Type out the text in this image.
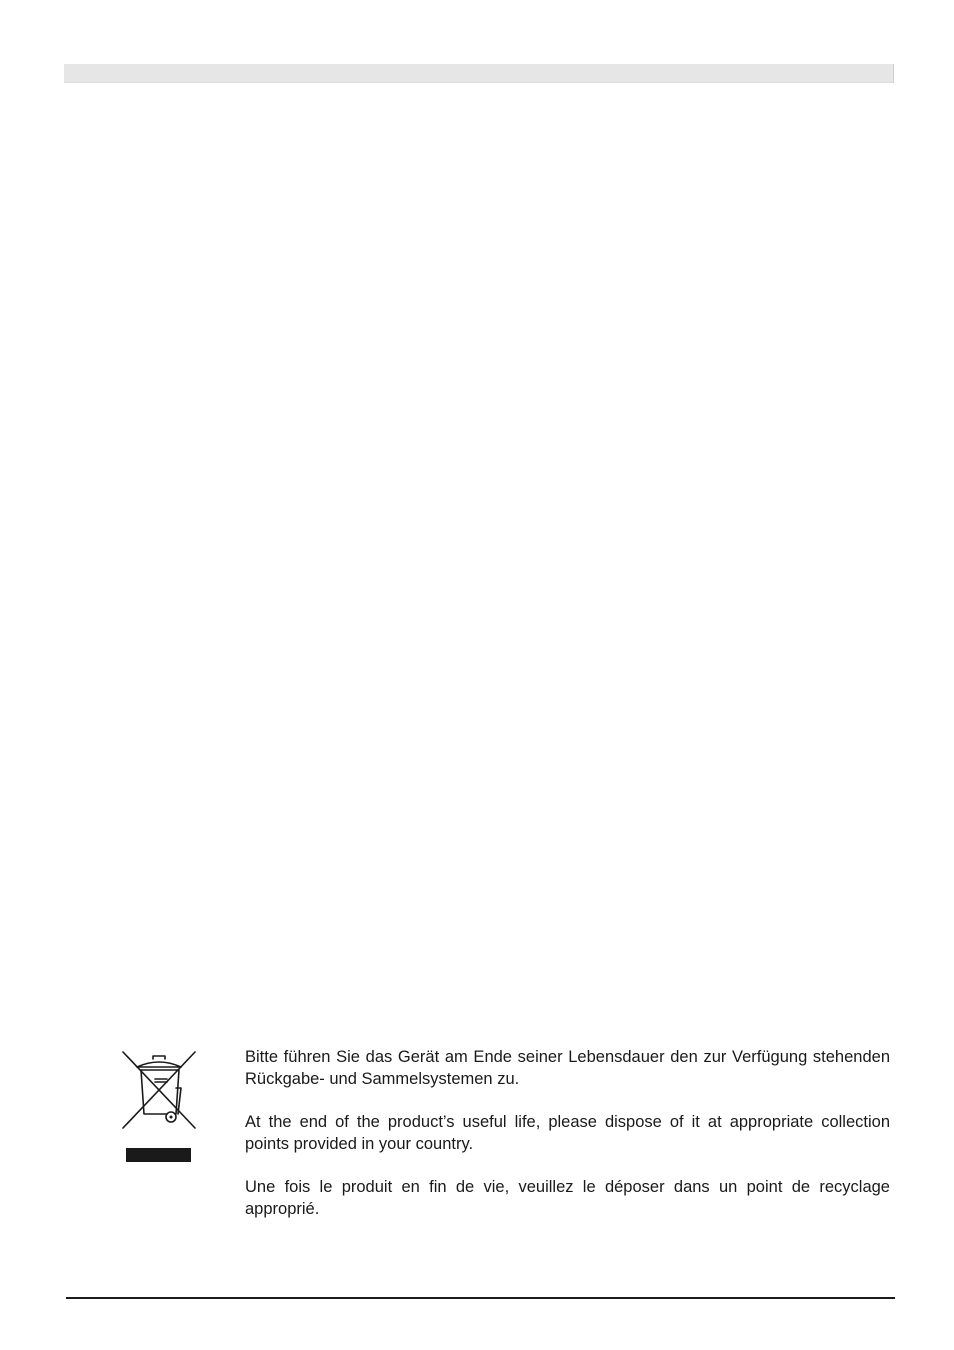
Bitte führen Sie das Gerät am Ende seiner Lebensdauer den zur Verfügung stehenden Rückgabe- und Sammelsystemen zu.

At the end of the product’s useful life, please dispose of it at appropriate collection points provided in your country.

Une fois le produit en fin de vie, veuillez le déposer dans un point de recyclage approprié.
